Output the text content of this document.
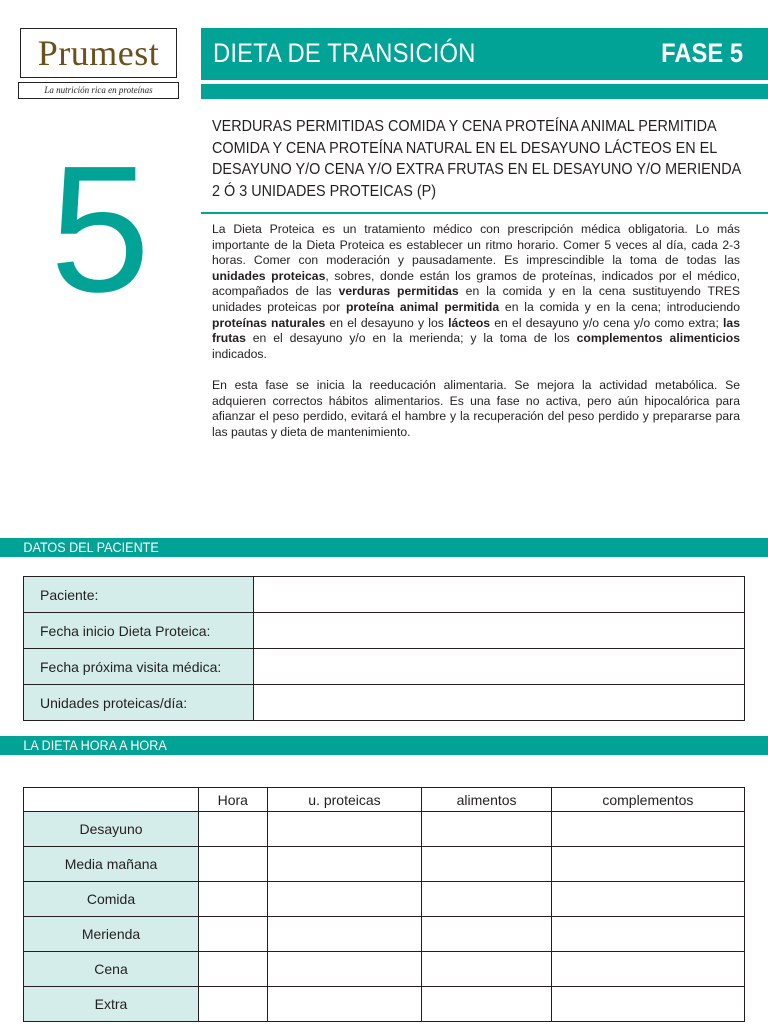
Prumest
La nutrición rica en proteínas
DIETA DE TRANSICIÓN	FASE 5
5
VERDURAS PERMITIDAS COMIDA Y CENA PROTEÍNA ANIMAL PERMITIDA COMIDA Y CENA PROTEÍNA NATURAL EN EL DESAYUNO LÁCTEOS EN EL DESAYUNO Y/O CENA Y/O EXTRA FRUTAS EN EL DESAYUNO Y/O MERIENDA 2 Ó 3 UNIDADES PROTEICAS (P)
La Dieta Proteica es un tratamiento médico con prescripción médica obligatoria. Lo más importante de la Dieta Proteica es establecer un ritmo horario. Comer 5 veces al día, cada 2-3 horas. Comer con moderación y pausadamente. Es imprescindible la toma de todas las unidades proteicas, sobres, donde están los gramos de proteínas, indicados por el médico, acompañados de las verduras permitidas en la comida y en la cena sustituyendo TRES unidades proteicas por proteína animal permitida en la comida y en la cena; introduciendo proteínas naturales en el desayuno y los lácteos en el desayuno y/o cena y/o como extra; las frutas en el desayuno y/o en la merienda; y la toma de los complementos alimenticios indicados.
En esta fase se inicia la reeducación alimentaria. Se mejora la actividad metabólica. Se adquieren correctos hábitos alimentarios. Es una fase no activa, pero aún hipocalórica para afianzar el peso perdido, evitará el hambre y la recuperación del peso perdido y prepararse para las pautas y dieta de mantenimiento.
DATOS DEL PACIENTE
Paciente:	
Fecha inicio Dieta Proteica:	
Fecha próxima visita médica:	
Unidades proteicas/día:	
LA DIETA HORA A HORA
	Hora	u. proteicas	alimentos	complementos
Desayuno				
Media mañana				
Comida				
Merienda				
Cena				
Extra				
